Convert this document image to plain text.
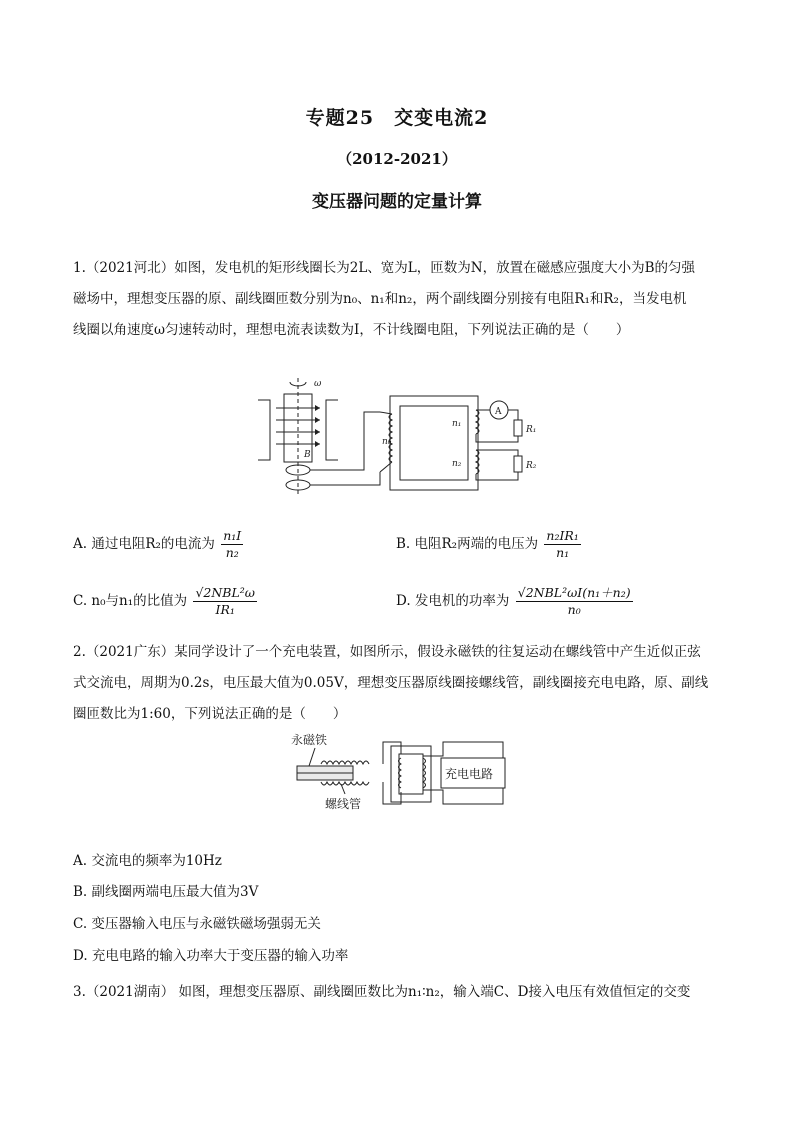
专题25　交变电流2
（2012-2021）
变压器问题的定量计算
1.（2021河北）如图，发电机的矩形线圈长为2L、宽为L，匝数为N，放置在磁感应强度大小为B的匀强
磁场中，理想变压器的原、副线圈匝数分别为n₀、n₁和n₂，两个副线圈分别接有电阻R₁和R₂，当发电机
线圈以角速度ω匀速转动时，理想电流表读数为I，不计线圈电阻，下列说法正确的是（　　）
ω
B
n₀
n₁
n₂
A
R₁
R₂
A. 通过电阻R₂的电流为 $\frac{\text{n₁I}}{\text{n₂}}$	B. 电阻R₂两端的电压为 $\frac{\text{n₂IR₁}}{\text{n₁}}$
C. n₀与n₁的比值为 $\frac{\text{√2NBL²ω}}{\text{IR₁}}$	D. 发电机的功率为 $\frac{\text{√2NBL²ωI(n₁＋n₂)}}{\text{n₀}}$
2.（2021广东）某同学设计了一个充电装置，如图所示，假设永磁铁的往复运动在螺线管中产生近似正弦
式交流电，周期为0.2s，电压最大值为0.05V，理想变压器原线圈接螺线管，副线圈接充电电路，原、副线
圈匝数比为1:60，下列说法正确的是（　　）
永磁铁
螺线管
充电电路
A. 交流电的频率为10Hz
B. 副线圈两端电压最大值为3V
C. 变压器输入电压与永磁铁磁场强弱无关
D. 充电电路的输入功率大于变压器的输入功率
3.（2021湖南） 如图，理想变压器原、副线圈匝数比为n₁∶n₂，输入端C、D接入电压有效值恒定的交变
